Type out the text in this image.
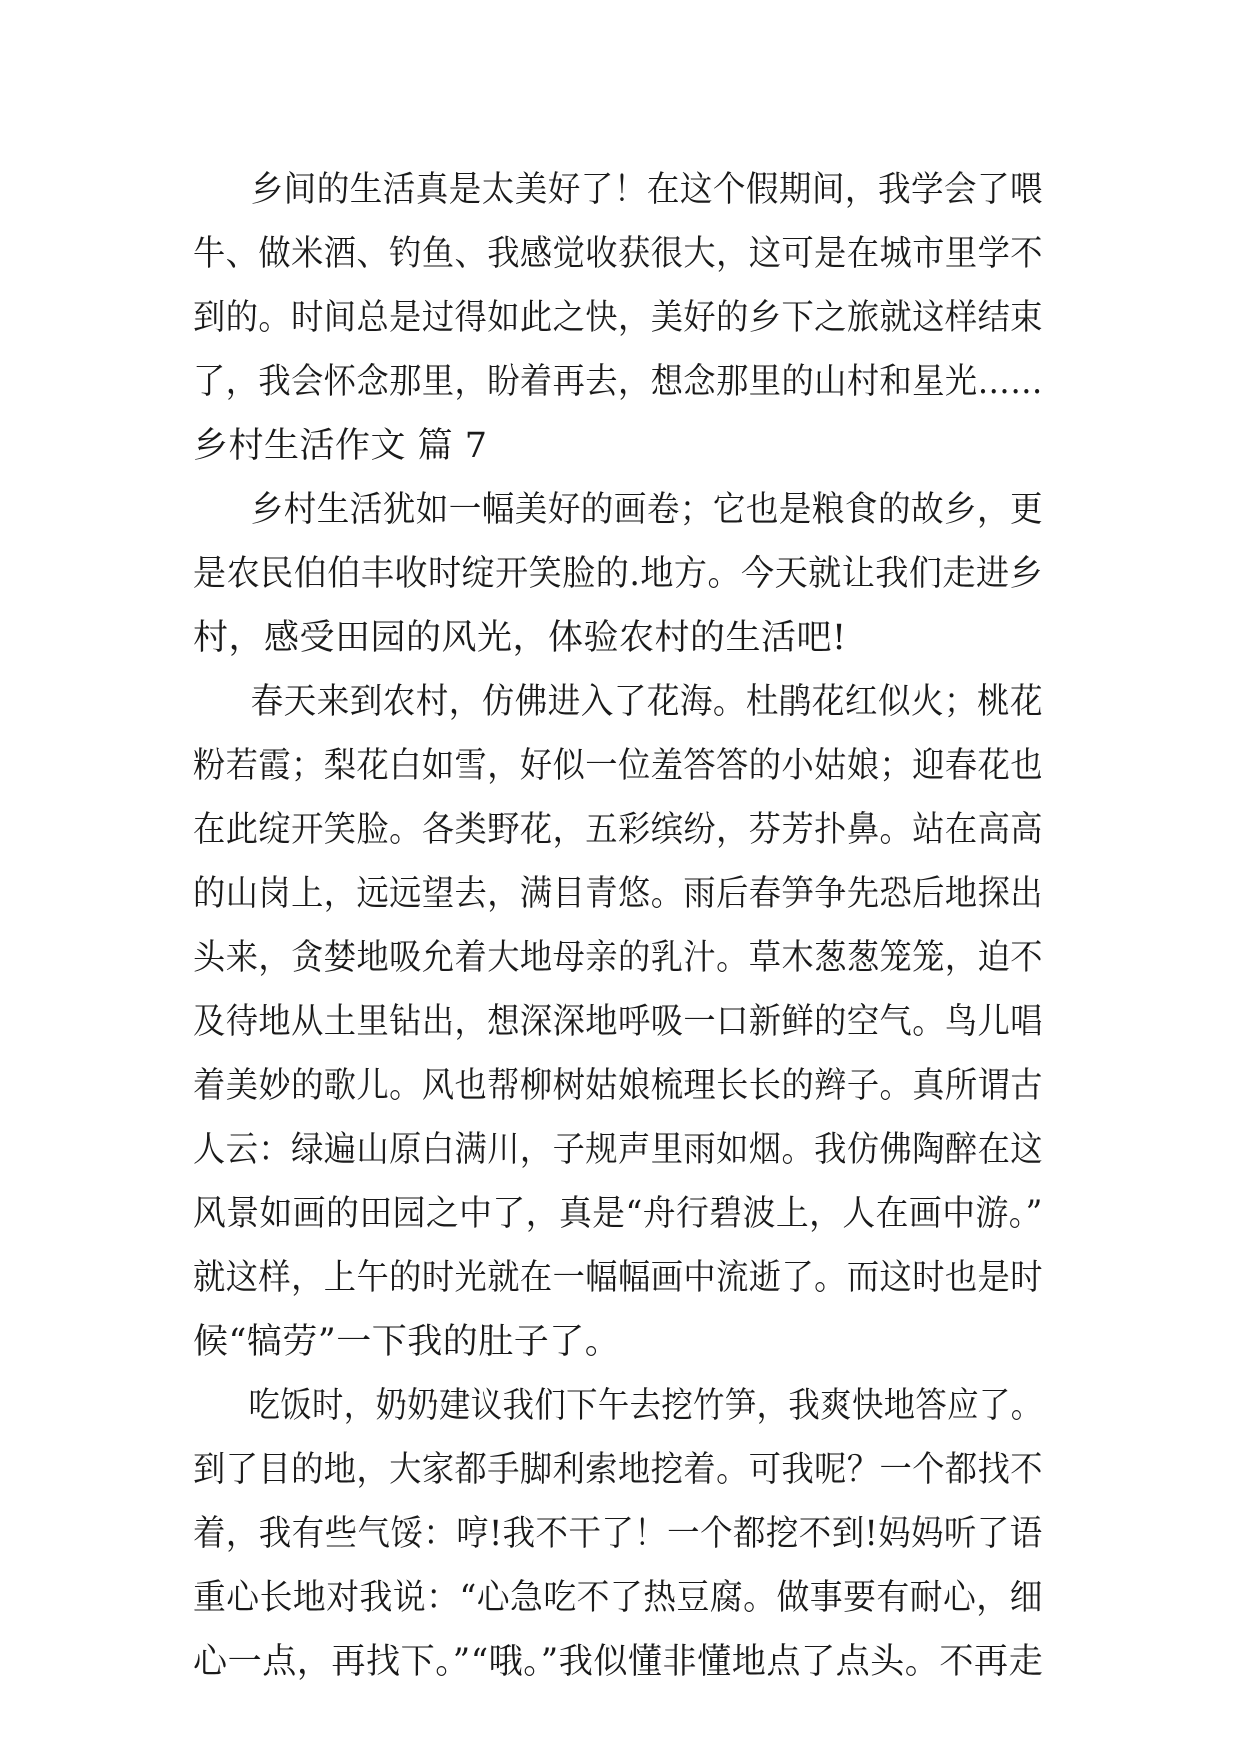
乡间的生活真是太美好了！在这个假期间，我学会了喂
牛、做米酒、钓鱼、我感觉收获很大，这可是在城市里学不
到的。时间总是过得如此之快，美好的乡下之旅就这样结束
了，我会怀念那里，盼着再去，想念那里的山村和星光……
乡村生活作文 篇 7
乡村生活犹如一幅美好的画卷；它也是粮食的故乡，更
是农民伯伯丰收时绽开笑脸的.地方。今天就让我们走进乡
村，感受田园的风光，体验农村的生活吧!
春天来到农村，仿佛进入了花海。杜鹃花红似火；桃花
粉若霞；梨花白如雪，好似一位羞答答的小姑娘；迎春花也
在此绽开笑脸。各类野花，五彩缤纷，芬芳扑鼻。站在高高
的山岗上，远远望去，满目青悠。雨后春笋争先恐后地探出
头来，贪婪地吸允着大地母亲的乳汁。草木葱葱笼笼，迫不
及待地从土里钻出，想深深地呼吸一口新鲜的空气。鸟儿唱
着美妙的歌儿。风也帮柳树姑娘梳理长长的辫子。真所谓古
人云：绿遍山原白满川，子规声里雨如烟。我仿佛陶醉在这
风景如画的田园之中了，真是“舟行碧波上，人在画中游。”
就这样，上午的时光就在一幅幅画中流逝了。而这时也是时
候“犒劳”一下我的肚子了。
吃饭时，奶奶建议我们下午去挖竹笋，我爽快地答应了。
到了目的地，大家都手脚利索地挖着。可我呢？一个都找不
着，我有些气馁：哼!我不干了！一个都挖不到!妈妈听了语
重心长地对我说：“心急吃不了热豆腐。做事要有耐心，细
心一点，再找下。”“哦。”我似懂非懂地点了点头。不再走
